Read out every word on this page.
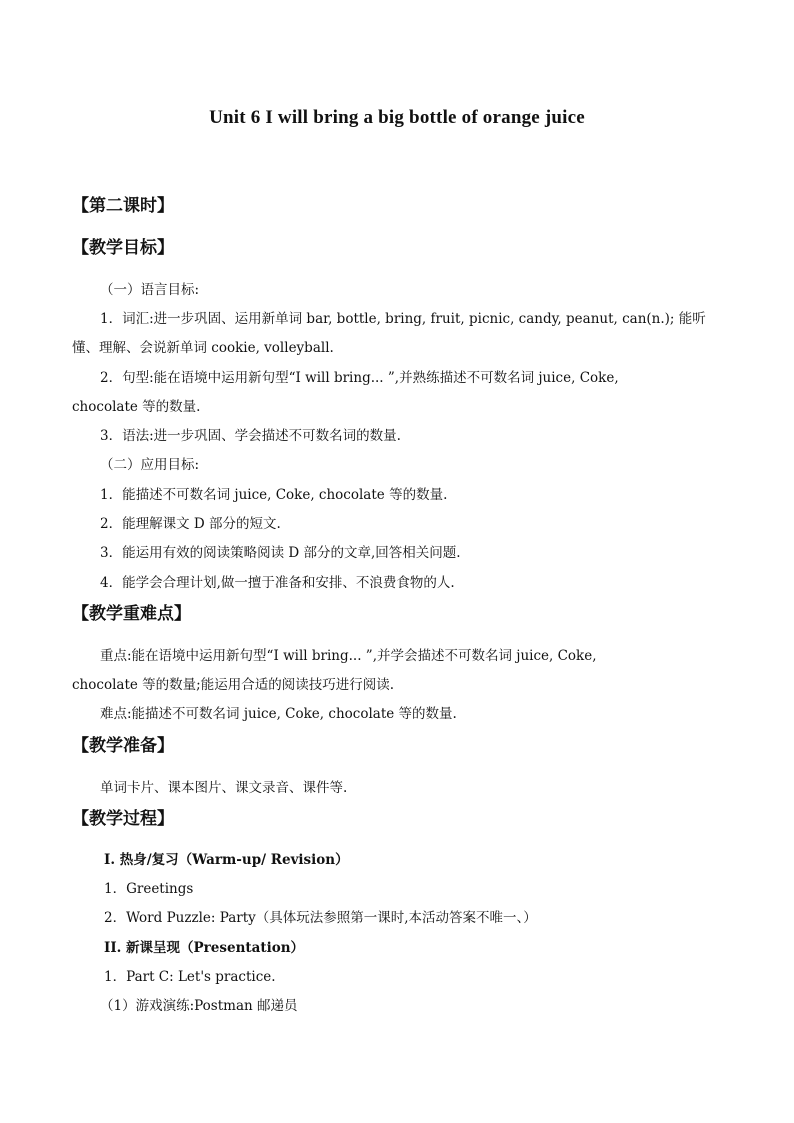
Unit 6 I will bring a big bottle of orange juice
【第二课时】
【教学目标】
（一）语言目标:
1．词汇:进一步巩固、运用新单词 bar, bottle, bring, fruit, picnic, candy, peanut, can(n.); 能听
懂、理解、会说新单词 cookie, volleyball.
2．句型:能在语境中运用新句型“I will bring... ”,并熟练描述不可数名词 juice, Coke,
chocolate 等的数量.
3．语法:进一步巩固、学会描述不可数名词的数量.
（二）应用目标:
1．能描述不可数名词 juice, Coke, chocolate 等的数量.
2．能理解课文 D 部分的短文.
3．能运用有效的阅读策略阅读 D 部分的文章,回答相关问题.
4．能学会合理计划,做一擅于准备和安排、不浪费食物的人.
【教学重难点】
重点:能在语境中运用新句型“I will bring... ”,并学会描述不可数名词 juice, Coke,
chocolate 等的数量;能运用合适的阅读技巧进行阅读.
难点:能描述不可数名词 juice, Coke, chocolate 等的数量.
【教学准备】
单词卡片、课本图片、课文录音、课件等.
【教学过程】
I. 热身/复习（Warm-up/ Revision）
1．Greetings
2．Word Puzzle: Party（具体玩法参照第一课时,本活动答案不唯一、）
II. 新课呈现（Presentation）
1．Part C: Let's practice.
（1）游戏演练:Postman 邮递员
